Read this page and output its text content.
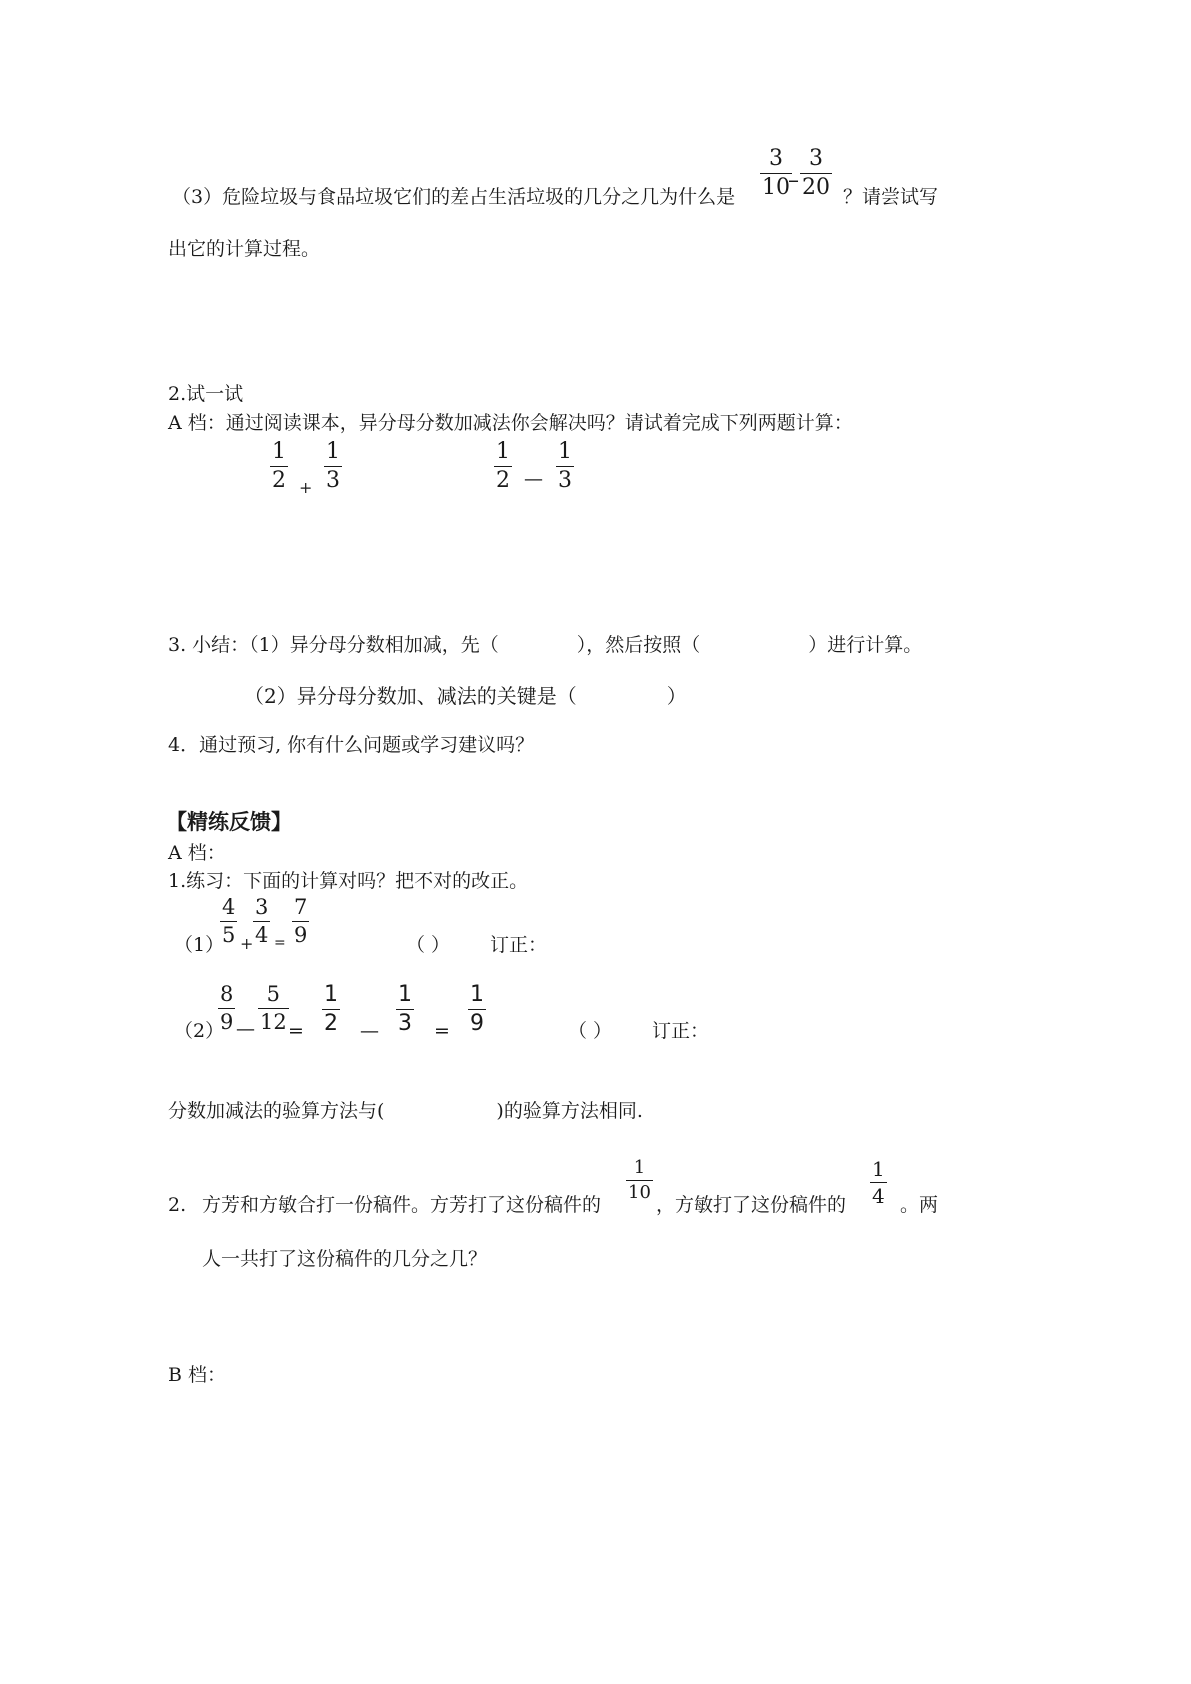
（3）危险垃圾与食品垃圾它们的差占生活垃圾的几分之几为什么是
3
10
–
3
20 ？请尝试写
出它的计算过程。
2.试一试
A 档：通过阅读课本，异分母分数加减法你会解决吗？请试着完成下列两题计算：
1
2 +
1
3
1
2 —
1
3
3. 小结：（1）异分母分数相加减，先（	），然后按照（	）进行计算。
（2）异分母分数加、减法的关键是（	）
4．通过预习, 你有什么问题或学习建议吗？
【精练反馈】
A 档：
1.练习：下面的计算对吗？把不对的改正。
（1）
4
5 +
3
4 =
7
9	（ ） 订正：
（2）
8
9 —
5
12 =
1
2 —
1
3 =
1
9	（ ） 订正：
分数加减法的验算方法与(	)的验算方法相同.
2. 方芳和方敏合打一份稿件。方芳打了这份稿件的
1
10
，方敏打了这份稿件的
1
4 。两
人一共打了这份稿件的几分之几？
B 档：
